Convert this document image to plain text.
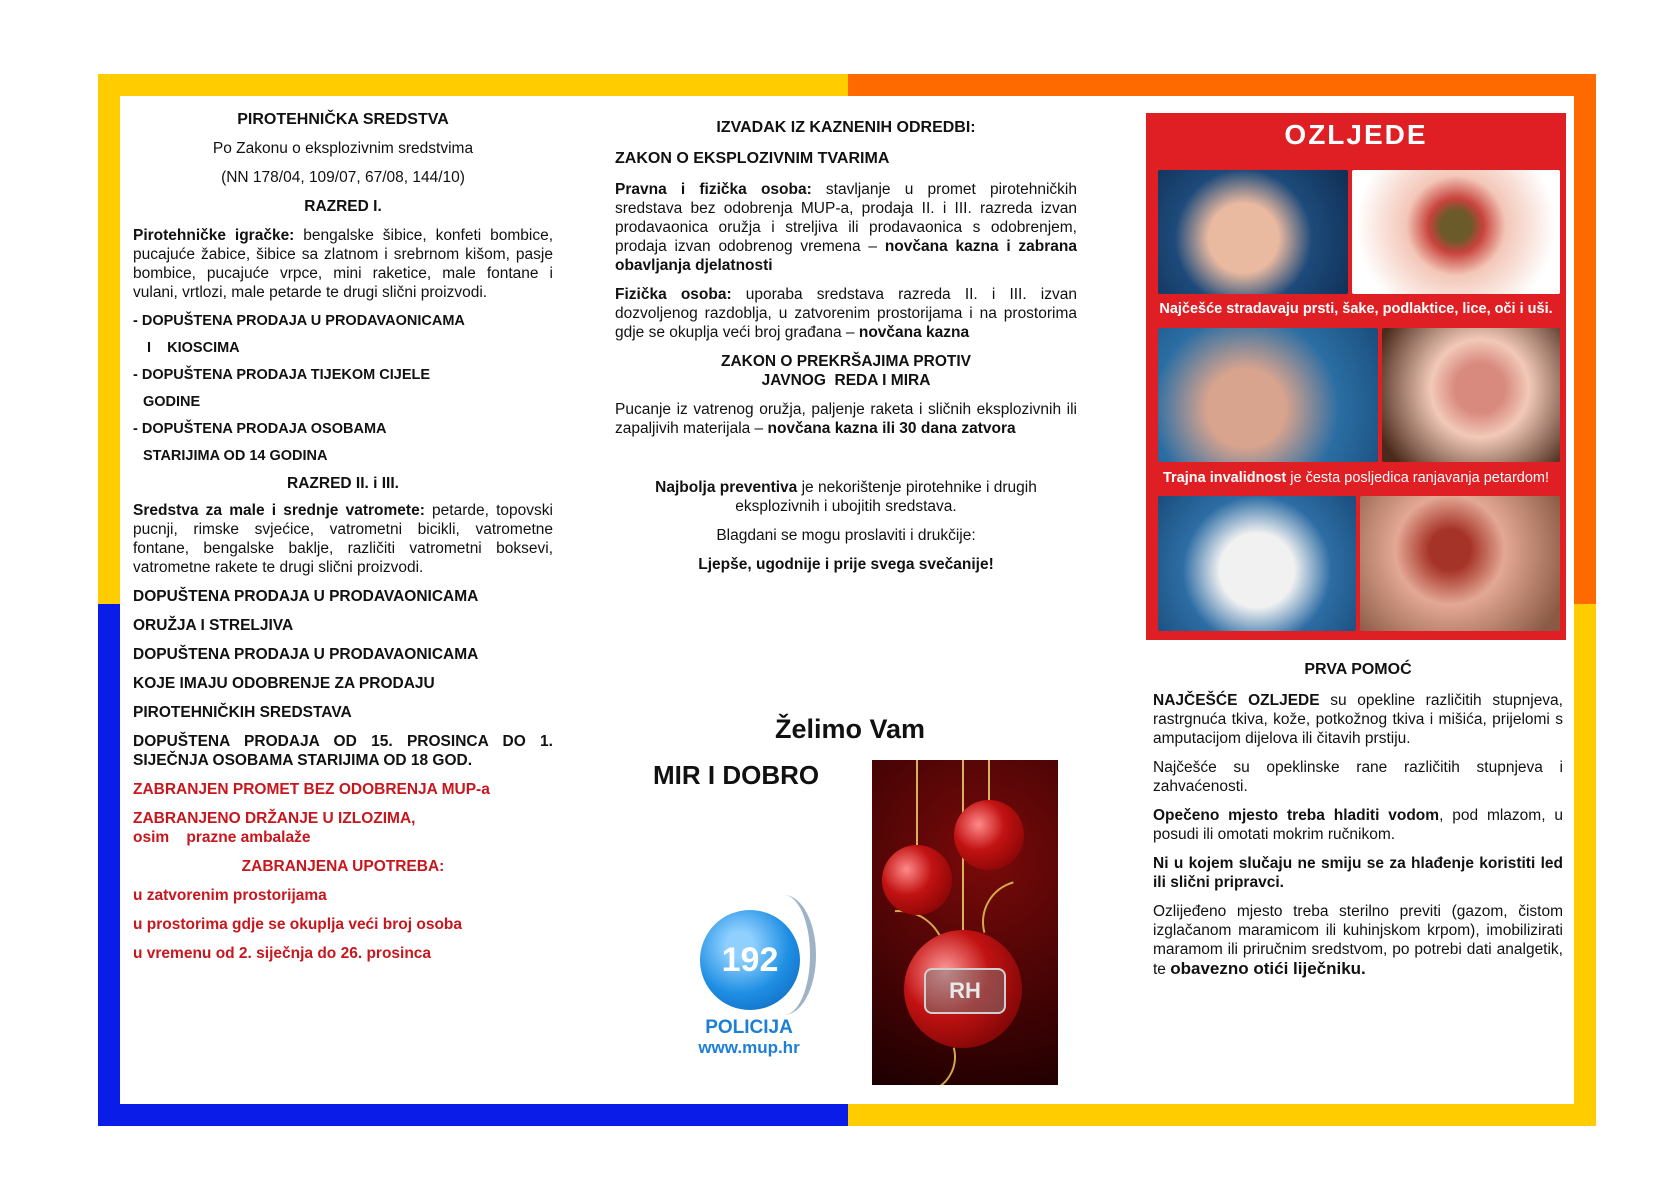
PIROTEHNIČKA SREDSTVA

Po Zakonu o eksplozivnim sredstvima

(NN 178/04, 109/07, 67/08, 144/10)

RAZRED I.

Pirotehničke igračke: bengalske šibice, konfeti bombice, pucajuće žabice, šibice sa zlatnom i srebrnom kišom, pasje bombice, pucajuće vrpce, mini raketice, male fontane i vulani, vrtlozi, male petarde te drugi slični proizvodi.

- DOPUŠTENA PRODAJA U PRODAVAONICAMA

I    KIOSCIMA

- DOPUŠTENA PRODAJA TIJEKOM CIJELE

GODINE

- DOPUŠTENA PRODAJA OSOBAMA

STARIJIMA OD 14 GODINA

RAZRED II. i III.

Sredstva za male i srednje vatromete: petarde, topovski pucnji, rimske svjećice, vatrometni bicikli, vatrometne fontane, bengalske baklje, različiti vatrometni boksevi, vatrometne rakete te drugi slični proizvodi.

DOPUŠTENA PRODAJA U PRODAVAONICAMA

ORUŽJA I STRELJIVA

DOPUŠTENA PRODAJA U PRODAVAONICAMA

KOJE IMAJU ODOBRENJE ZA PRODAJU

PIROTEHNIČKIH SREDSTAVA

DOPUŠTENA PRODAJA OD 15. PROSINCA DO 1. SIJEČNJA OSOBAMA STARIJIMA OD 18 GOD.

ZABRANJEN PROMET BEZ ODOBRENJA MUP-a

ZABRANJENO DRŽANJE U IZLOZIMA,

osim    prazne ambalaže

ZABRANJENA UPOTREBA:

u zatvorenim prostorijama

u prostorima gdje se okuplja veći broj osoba

u vremenu od 2. siječnja do 26. prosinca

IZVADAK IZ KAZNENIH ODREDBI:

ZAKON O EKSPLOZIVNIM TVARIMA

Pravna i fizička osoba: stavljanje u promet pirotehničkih sredstava bez odobrenja MUP-a, prodaja II. i III. razreda izvan prodavaonica oružja i streljiva ili prodavaonica s odobrenjem, prodaja izvan odobrenog vremena – novčana kazna i zabrana obavljanja djelatnosti

Fizička osoba: uporaba sredstava razreda II. i III. izvan dozvoljenog razdoblja, u zatvorenim prostorijama i na prostorima gdje se okuplja veći broj građana – novčana kazna

ZAKON O PREKRŠAJIMA PROTIV

JAVNOG  REDA I MIRA

Pucanje iz vatrenog oružja, paljenje raketa i sličnih eksplozivnih ili zapaljivih materijala – novčana kazna ili 30 dana zatvora

Najbolja preventiva je nekorištenje pirotehnike i drugih eksplozivnih i ubojitih sredstava.

Blagdani se mogu proslaviti i drukčije:

Ljepše, ugodnije i prije svega svečanije!

Želimo Vam
MIR I DOBRO
192
POLICIJA
www.mup.hr
RH
OZLJEDE
Najčešće stradavaju prsti, šake, podlaktice, lice, oči i uši.
Trajna invalidnost je česta posljedica ranjavanja petardom!

PRVA POMOĆ

NAJČEŠĆE OZLJEDE su opekline različitih stupnjeva, rastrgnuća tkiva, kože, potkožnog tkiva i mišića, prijelomi s amputacijom dijelova ili čitavih prstiju.

Najčešće su opeklinske rane različitih stupnjeva i zahvaćenosti.

Opečeno mjesto treba hladiti vodom, pod mlazom, u posudi ili omotati mokrim ručnikom.

Ni u kojem slučaju ne smiju se za hlađenje koristiti led ili slični pripravci.

Ozlijeđeno mjesto treba sterilno previti (gazom, čistom izglačanom maramicom ili kuhinjskom krpom), imobilizirati maramom ili priručnim sredstvom, po potrebi dati analgetik, te obavezno otići liječniku.
